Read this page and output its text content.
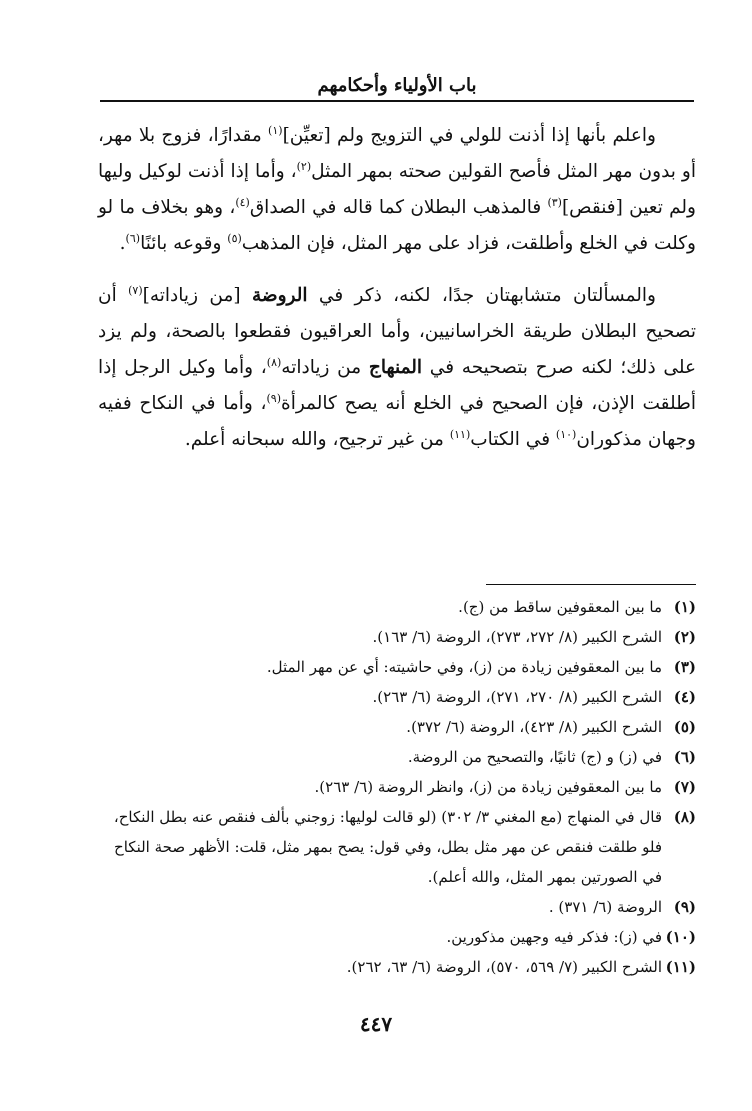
باب الأولياء وأحكامهم

واعلم بأنها إذا أذنت للولي في التزويج ولم [تعيِّن]$^{(١)}$ مقدارًا، فزوج بلا مهر، أو بدون مهر المثل فأصح القولين صحته بمهر المثل$^{(٢)}$، وأما إذا أذنت لوكيل وليها ولم تعين [فنقص]$^{(٣)}$ فالمذهب البطلان كما قاله في الصداق$^{(٤)}$، وهو بخلاف ما لو وكلت في الخلع وأطلقت، فزاد على مهر المثل، فإن المذهب$^{(٥)}$ وقوعه بائنًا$^{(٦)}$.

والمسألتان متشابهتان جدًا، لكنه، ذكر في الروضة [من زياداته]$^{(٧)}$ أن تصحيح البطلان طريقة الخراسانيين، وأما العراقيون فقطعوا بالصحة، ولم يزد على ذلك؛ لكنه صرح بتصحيحه في المنهاج من زياداته$^{(٨)}$، وأما وكيل الرجل إذا أطلقت الإذن، فإن الصحيح في الخلع أنه يصح كالمرأة$^{(٩)}$، وأما في النكاح ففيه وجهان مذكوران$^{(١٠)}$ في الكتاب$^{(١١)}$ من غير ترجيح، والله سبحانه أعلم.

(١)
ما بين المعقوفين ساقط من (ج).
(٢)
الشرح الكبير (٨/ ٢٧٢، ٢٧٣)، الروضة (٦/ ١٦٣).
(٣)
ما بين المعقوفين زيادة من (ز)، وفي حاشيته: أي عن مهر المثل.
(٤)
الشرح الكبير (٨/ ٢٧٠، ٢٧١)، الروضة (٦/ ٢٦٣).
(٥)
الشرح الكبير (٨/ ٤٢٣)، الروضة (٦/ ٣٧٢).
(٦)
في (ز) و (ج) ثانيًا، والتصحيح من الروضة.
(٧)
ما بين المعقوفين زيادة من (ز)، وانظر الروضة (٦/ ٢٦٣).
(٨)
قال في المنهاج (مع المغني ٣/ ٣٠٢) (لو قالت لوليها: زوجني بألف فنقص عنه بطل النكاح، فلو طلقت فنقص عن مهر مثل بطل، وفي قول: يصح بمهر مثل، قلت: الأظهر صحة النكاح في الصورتين بمهر المثل، والله أعلم).
(٩)
الروضة (٦/ ٣٧١) .
(١٠)
في (ز): فذكر فيه وجهين مذكورين.
(١١)
الشرح الكبير (٧/ ٥٦٩، ٥٧٠)، الروضة (٦/ ٦٣، ٢٦٢).
٤٤٧
